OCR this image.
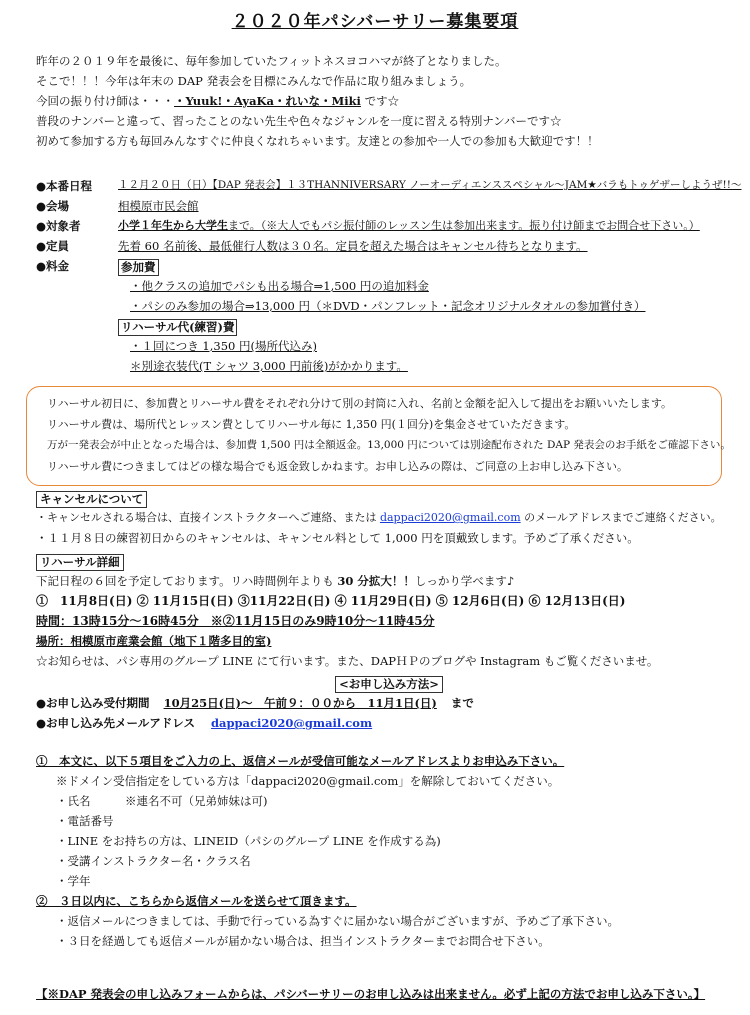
２０２０年パシバーサリー募集要項
昨年の２０１９年を最後に、毎年参加していたフィットネスヨコハマが終了となりました。
そこで！！！今年は年末の DAP 発表会を目標にみんなで作品に取り組みましょう。
今回の振り付け師は・・・・Yuuk!・AyaKa・れいな・Miki です☆
普段のナンバーと違って、習ったことのない先生や色々なジャンルを一度に習える特別ナンバーです☆
初めて参加する方も毎回みんなすぐに仲良くなれちゃいます。友達との参加や一人での参加も大歓迎です！！
●本番日程 １２月２０日（日）【DAP 発表会】１３THANNIVERSARY ノーオーディエンススペシャル～JAM★バラもトゥゲザーしようぜ!!～
●会場	相模原市民会館
●対象者	小学１年生から大学生まで。（※大人でもパシ振付師のレッスン生は参加出来ます。振り付け師までお問合せ下さい。）
●定員	先着 60 名前後、最低催行人数は３０名。定員を超えた場合はキャンセル待ちとなります。
●料金	参加費
・他クラスの追加でパシも出る場合⇒1,500 円の追加料金
・パシのみ参加の場合⇒13,000 円（＊DVD・パンフレット・記念オリジナルタオルの参加賞付き）
リハーサル代(練習)費
・１回につき 1,350 円(場所代込み)
＊別途衣装代(T シャツ 3,000 円前後)がかかります。
リハーサル初日に、参加費とリハーサル費をそれぞれ分けて別の封筒に入れ、名前と金額を記入して提出をお願いいたします。
リハーサル費は、場所代とレッスン費としてリハーサル毎に 1,350 円(１回分)を集金させていただきます。
万が一発表会が中止となった場合は、参加費 1,500 円は全額返金。13,000 円については別途配布された DAP 発表会のお手紙をご確認下さい。
リハーサル費につきましてはどの様な場合でも返金致しかねます。お申し込みの際は、ご同意の上お申し込み下さい。
キャンセルについて
・キャンセルされる場合は、直接インストラクターへご連絡、または dappaci2020@gmail.com のメールアドレスまでご連絡ください。
・１１月８日の練習初日からのキャンセルは、キャンセル料として 1,000 円を頂戴致します。予めご了承ください。
リハーサル詳細
下記日程の６回を予定しております。リハ時間例年よりも 30 分拡大！！しっかり学べます♪
①　11月8日(日) ② 11月15日(日) ③11月22日(日) ④ 11月29日(日) ⑤ 12月6日(日) ⑥ 12月13日(日)
時間：13時15分～16時45分　※②11月15日のみ9時10分～11時45分
場所：相模原市産業会館（地下１階多目的室)
☆お知らせは、パシ専用のグループ LINE にて行います。また、DAPＨＰのブログや Instagram もご覧くださいませ。
<お申し込み方法>
●お申し込み受付期間 10月25日(日)～　午前９：００から　11月1日(日) まで
●お申し込み先メールアドレス dappaci2020@gmail.com
①　本文に、以下５項目をご入力の上、返信メールが受信可能なメールアドレスよりお申込み下さい。
※ドメイン受信指定をしている方は「dappaci2020@gmail.com」を解除しておいてください。
・氏名　　　※連名不可（兄弟姉妹は可)
・電話番号
・LINE をお持ちの方は、LINEID（パシのグループ LINE を作成する為)
・受講インストラクター名・クラス名
・学年
②　３日以内に、こちらから返信メールを送らせて頂きます。
・返信メールにつきましては、手動で行っている為すぐに届かない場合がございますが、予めご了承下さい。
・３日を経過しても返信メールが届かない場合は、担当インストラクターまでお問合せ下さい。
【※DAP 発表会の申し込みフォームからは、パシバーサリーのお申し込みは出来ません。必ず上記の方法でお申し込み下さい。】
